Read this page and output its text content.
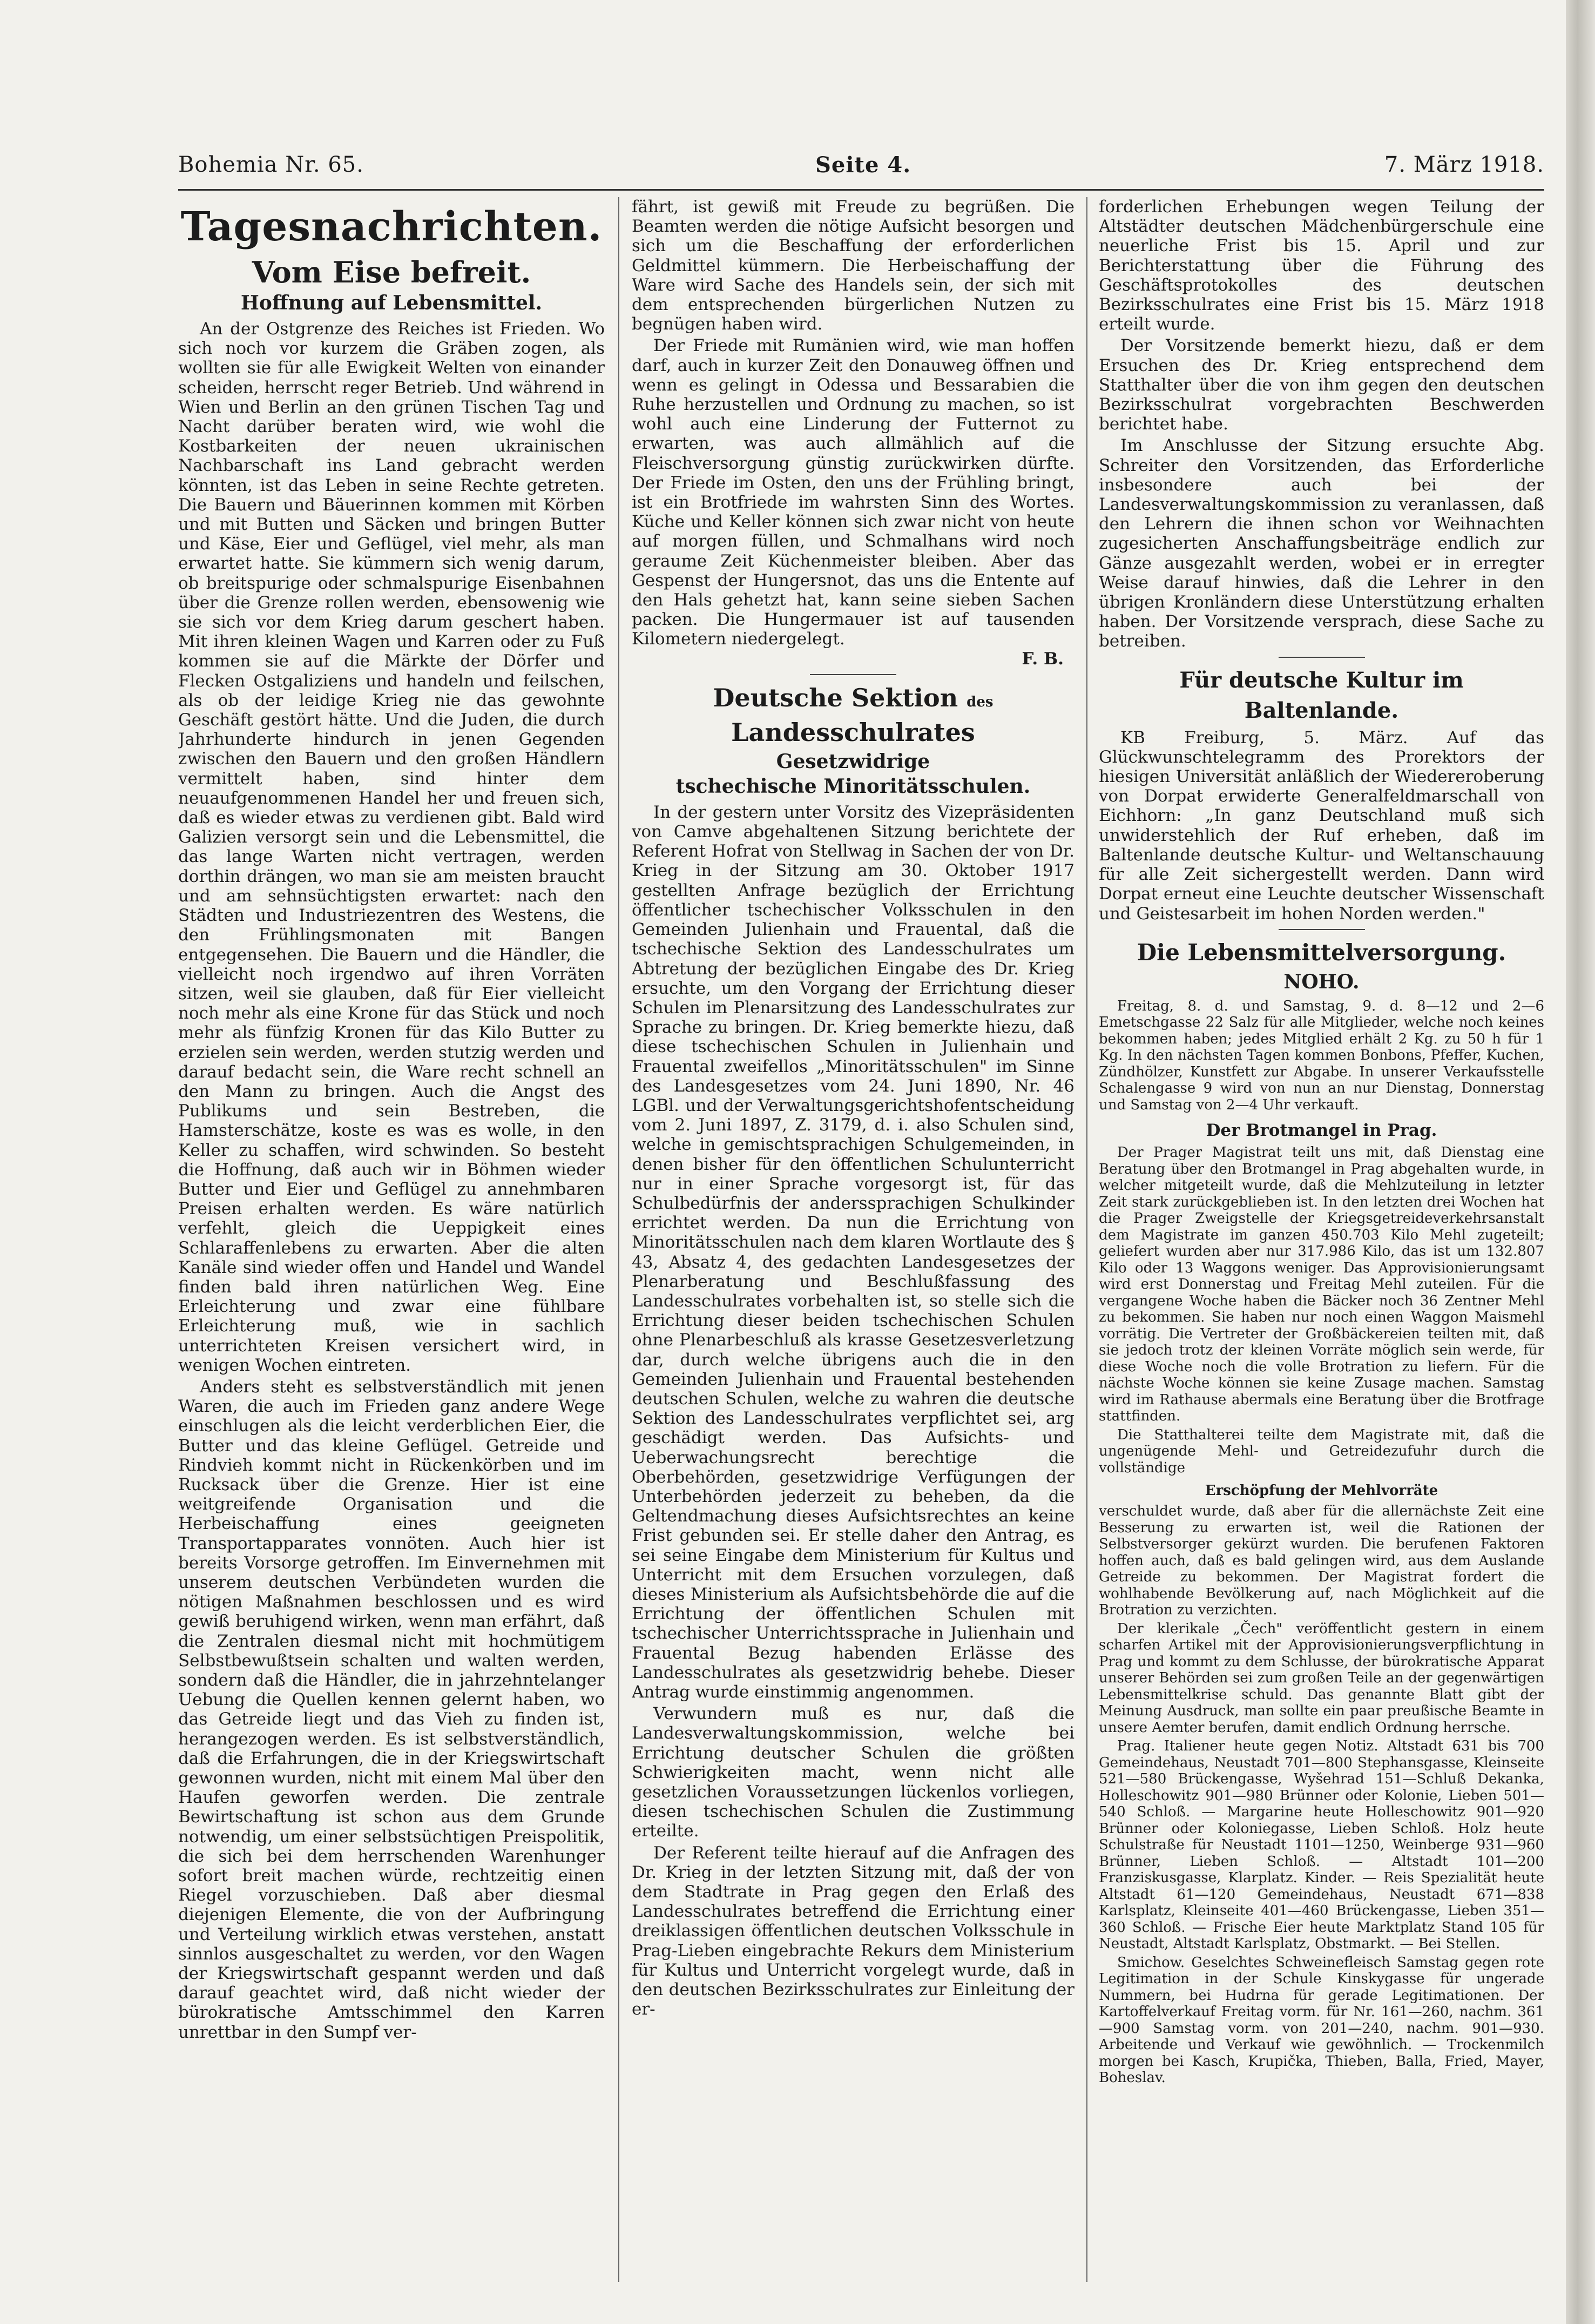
Bohemia Nr. 65.	Seite 4.	7. März 1918.
Tagesnachrichten.
Vom Eise befreit.
Hoffnung auf Lebensmittel.

An der Ostgrenze des Reiches ist Frieden. Wo sich noch vor kurzem die Gräben zogen, als wollten sie für alle Ewigkeit Welten von einander scheiden, herrscht reger Betrieb. Und während in Wien und Berlin an den grünen Tischen Tag und Nacht darüber beraten wird, wie wohl die Kostbarkeiten der neuen ukrainischen Nachbarschaft ins Land gebracht werden könnten, ist das Leben in seine Rechte getreten. Die Bauern und Bäuerinnen kommen mit Körben und mit Butten und Säcken und bringen Butter und Käse, Eier und Geflügel, viel mehr, als man erwartet hatte. Sie kümmern sich wenig darum, ob breitspurige oder schmalspurige Eisenbahnen über die Grenze rollen werden, ebensowenig wie sie sich vor dem Krieg darum geschert haben. Mit ihren kleinen Wagen und Karren oder zu Fuß kommen sie auf die Märkte der Dörfer und Flecken Ostgaliziens und handeln und feilschen, als ob der leidige Krieg nie das gewohnte Geschäft gestört hätte. Und die Juden, die durch Jahrhunderte hindurch in jenen Gegenden zwischen den Bauern und den großen Händlern vermittelt haben, sind hinter dem neuaufgenommenen Handel her und freuen sich, daß es wieder etwas zu verdienen gibt. Bald wird Galizien versorgt sein und die Lebensmittel, die das lange Warten nicht vertragen, werden dorthin drängen, wo man sie am meisten braucht und am sehnsüchtigsten erwartet: nach den Städten und Industriezentren des Westens, die den Frühlingsmonaten mit Bangen entgegensehen. Die Bauern und die Händler, die vielleicht noch irgendwo auf ihren Vorräten sitzen, weil sie glauben, daß für Eier vielleicht noch mehr als eine Krone für das Stück und noch mehr als fünfzig Kronen für das Kilo Butter zu erzielen sein werden, werden stutzig werden und darauf bedacht sein, die Ware recht schnell an den Mann zu bringen. Auch die Angst des Publikums und sein Bestreben, die Hamsterschätze, koste es was es wolle, in den Keller zu schaffen, wird schwinden. So besteht die Hoffnung, daß auch wir in Böhmen wieder Butter und Eier und Geflügel zu annehmbaren Preisen erhalten werden. Es wäre natürlich verfehlt, gleich die Ueppigkeit eines Schlaraffenlebens zu erwarten. Aber die alten Kanäle sind wieder offen und Handel und Wandel finden bald ihren natürlichen Weg. Eine Erleichterung und zwar eine fühlbare Erleichterung muß, wie in sachlich unterrichteten Kreisen versichert wird, in wenigen Wochen eintreten.

Anders steht es selbstverständlich mit jenen Waren, die auch im Frieden ganz andere Wege einschlugen als die leicht verderblichen Eier, die Butter und das kleine Geflügel. Getreide und Rindvieh kommt nicht in Rückenkörben und im Rucksack über die Grenze. Hier ist eine weitgreifende Organisation und die Herbeischaffung eines geeigneten Transportapparates vonnöten. Auch hier ist bereits Vorsorge getroffen. Im Einvernehmen mit unserem deutschen Verbündeten wurden die nötigen Maßnahmen beschlossen und es wird gewiß beruhigend wirken, wenn man erfährt, daß die Zentralen diesmal nicht mit hochmütigem Selbstbewußtsein schalten und walten werden, sondern daß die Händler, die in jahrzehntelanger Uebung die Quellen kennen gelernt haben, wo das Getreide liegt und das Vieh zu finden ist, herangezogen werden. Es ist selbstverständlich, daß die Erfahrungen, die in der Kriegswirtschaft gewonnen wurden, nicht mit einem Mal über den Haufen geworfen werden. Die zentrale Bewirtschaftung ist schon aus dem Grunde notwendig, um einer selbstsüchtigen Preispolitik, die sich bei dem herrschenden Warenhunger sofort breit machen würde, rechtzeitig einen Riegel vorzuschieben. Daß aber diesmal diejenigen Elemente, die von der Aufbringung und Verteilung wirklich etwas verstehen, anstatt sinnlos ausgeschaltet zu werden, vor den Wagen der Kriegswirtschaft gespannt werden und daß darauf geachtet wird, daß nicht wieder der bürokratische Amtsschimmel den Karren unrettbar in den Sumpf ver-

fährt, ist gewiß mit Freude zu begrüßen. Die Beamten werden die nötige Aufsicht besorgen und sich um die Beschaffung der erforderlichen Geldmittel kümmern. Die Herbeischaffung der Ware wird Sache des Handels sein, der sich mit dem entsprechenden bürgerlichen Nutzen zu begnügen haben wird.

Der Friede mit Rumänien wird, wie man hoffen darf, auch in kurzer Zeit den Donauweg öffnen und wenn es gelingt in Odessa und Bessarabien die Ruhe herzustellen und Ordnung zu machen, so ist wohl auch eine Linderung der Futternot zu erwarten, was auch allmählich auf die Fleischversorgung günstig zurückwirken dürfte. Der Friede im Osten, den uns der Frühling bringt, ist ein Brotfriede im wahrsten Sinn des Wortes. Küche und Keller können sich zwar nicht von heute auf morgen füllen, und Schmalhans wird noch geraume Zeit Küchenmeister bleiben. Aber das Gespenst der Hungersnot, das uns die Entente auf den Hals gehetzt hat, kann seine sieben Sachen packen. Die Hungermauer ist auf tausenden Kilometern niedergelegt.

F. B.
Deutsche Sektion des Landesschulrates
Gesetzwidrige
tschechische Minoritätsschulen.

In der gestern unter Vorsitz des Vizepräsidenten von Camve abgehaltenen Sitzung berichtete der Referent Hofrat von Stellwag in Sachen der von Dr. Krieg in der Sitzung am 30. Oktober 1917 gestellten Anfrage bezüglich der Errichtung öffentlicher tschechischer Volksschulen in den Gemeinden Julienhain und Frauental, daß die tschechische Sektion des Landesschulrates um Abtretung der bezüglichen Eingabe des Dr. Krieg ersuchte, um den Vorgang der Errichtung dieser Schulen im Plenarsitzung des Landesschulrates zur Sprache zu bringen. Dr. Krieg bemerkte hiezu, daß diese tschechischen Schulen in Julienhain und Frauental zweifellos „Minoritätsschulen" im Sinne des Landesgesetzes vom 24. Juni 1890, Nr. 46 LGBl. und der Verwaltungsgerichtshofentscheidung vom 2. Juni 1897, Z. 3179, d. i. also Schulen sind, welche in gemischtsprachigen Schulgemeinden, in denen bisher für den öffentlichen Schulunterricht nur in einer Sprache vorgesorgt ist, für das Schulbedürfnis der anderssprachigen Schulkinder errichtet werden. Da nun die Errichtung von Minoritätsschulen nach dem klaren Wortlaute des § 43, Absatz 4, des gedachten Landesgesetzes der Plenarberatung und Beschlußfassung des Landesschulrates vorbehalten ist, so stelle sich die Errichtung dieser beiden tschechischen Schulen ohne Plenarbeschluß als krasse Gesetzesverletzung dar, durch welche übrigens auch die in den Gemeinden Julienhain und Frauental bestehenden deutschen Schulen, welche zu wahren die deutsche Sektion des Landesschulrates verpflichtet sei, arg geschädigt werden. Das Aufsichts- und Ueberwachungsrecht berechtige die Oberbehörden, gesetzwidrige Verfügungen der Unterbehörden jederzeit zu beheben, da die Geltendmachung dieses Aufsichtsrechtes an keine Frist gebunden sei. Er stelle daher den Antrag, es sei seine Eingabe dem Ministerium für Kultus und Unterricht mit dem Ersuchen vorzulegen, daß dieses Ministerium als Aufsichtsbehörde die auf die Errichtung der öffentlichen Schulen mit tschechischer Unterrichtssprache in Julienhain und Frauental Bezug habenden Erlässe des Landesschulrates als gesetzwidrig behebe. Dieser Antrag wurde einstimmig angenommen.

Verwundern muß es nur, daß die Landesverwaltungskommission, welche bei Errichtung deutscher Schulen die größten Schwierigkeiten macht, wenn nicht alle gesetzlichen Voraussetzungen lückenlos vorliegen, diesen tschechischen Schulen die Zustimmung erteilte.

Der Referent teilte hierauf auf die Anfragen des Dr. Krieg in der letzten Sitzung mit, daß der von dem Stadtrate in Prag gegen den Erlaß des Landesschulrates betreffend die Errichtung einer dreiklassigen öffentlichen deutschen Volksschule in Prag-Lieben eingebrachte Rekurs dem Ministerium für Kultus und Unterricht vorgelegt wurde, daß in den deutschen Bezirksschulrates zur Einleitung der er-

forderlichen Erhebungen wegen Teilung der Altstädter deutschen Mädchenbürgerschule eine neuerliche Frist bis 15. April und zur Berichterstattung über die Führung des Geschäftsprotokolles des deutschen Bezirksschulrates eine Frist bis 15. März 1918 erteilt wurde.

Der Vorsitzende bemerkt hiezu, daß er dem Ersuchen des Dr. Krieg entsprechend dem Statthalter über die von ihm gegen den deutschen Bezirksschulrat vorgebrachten Beschwerden berichtet habe.

Im Anschlusse der Sitzung ersuchte Abg. Schreiter den Vorsitzenden, das Erforderliche insbesondere auch bei der Landesverwaltungskommission zu veranlassen, daß den Lehrern die ihnen schon vor Weihnachten zugesicherten Anschaffungsbeiträge endlich zur Gänze ausgezahlt werden, wobei er in erregter Weise darauf hinwies, daß die Lehrer in den übrigen Kronländern diese Unterstützung erhalten haben. Der Vorsitzende versprach, diese Sache zu betreiben.

Für deutsche Kultur im Baltenlande.

KB Freiburg, 5. März. Auf das Glückwunschtelegramm des Prorektors der hiesigen Universität anläßlich der Wiedereroberung von Dorpat erwiderte Generalfeldmarschall von Eichhorn: „In ganz Deutschland muß sich unwiderstehlich der Ruf erheben, daß im Baltenlande deutsche Kultur- und Weltanschauung für alle Zeit sichergestellt werden. Dann wird Dorpat erneut eine Leuchte deutscher Wissenschaft und Geistesarbeit im hohen Norden werden."

Die Lebensmittelversorgung.
NOHO.

Freitag, 8. d. und Samstag, 9. d. 8—12 und 2—6 Emetschgasse 22 Salz für alle Mitglieder, welche noch keines bekommen haben; jedes Mitglied erhält 2 Kg. zu 50 h für 1 Kg. In den nächsten Tagen kommen Bonbons, Pfeffer, Kuchen, Zündhölzer, Kunstfett zur Abgabe. In unserer Verkaufsstelle Schalengasse 9 wird von nun an nur Dienstag, Donnerstag und Samstag von 2—4 Uhr verkauft.

Der Brotmangel in Prag.

Der Prager Magistrat teilt uns mit, daß Dienstag eine Beratung über den Brotmangel in Prag abgehalten wurde, in welcher mitgeteilt wurde, daß die Mehlzuteilung in letzter Zeit stark zurückgeblieben ist. In den letzten drei Wochen hat die Prager Zweigstelle der Kriegsgetreideverkehrsanstalt dem Magistrate im ganzen 450.703 Kilo Mehl zugeteilt; geliefert wurden aber nur 317.986 Kilo, das ist um 132.807 Kilo oder 13 Waggons weniger. Das Approvisionierungsamt wird erst Donnerstag und Freitag Mehl zuteilen. Für die vergangene Woche haben die Bäcker noch 36 Zentner Mehl zu bekommen. Sie haben nur noch einen Waggon Maismehl vorrätig. Die Vertreter der Großbäckereien teilten mit, daß sie jedoch trotz der kleinen Vorräte möglich sein werde, für diese Woche noch die volle Brotration zu liefern. Für die nächste Woche können sie keine Zusage machen. Samstag wird im Rathause abermals eine Beratung über die Brotfrage stattfinden.

Die Statthalterei teilte dem Magistrate mit, daß die ungenügende Mehl- und Getreidezufuhr durch die vollständige

Erschöpfung der Mehlvorräte

verschuldet wurde, daß aber für die allernächste Zeit eine Besserung zu erwarten ist, weil die Rationen der Selbstversorger gekürzt wurden. Die berufenen Faktoren hoffen auch, daß es bald gelingen wird, aus dem Auslande Getreide zu bekommen. Der Magistrat fordert die wohlhabende Bevölkerung auf, nach Möglichkeit auf die Brotration zu verzichten.

Der klerikale „Čech" veröffentlicht gestern in einem scharfen Artikel mit der Approvisionierungsverpflichtung in Prag und kommt zu dem Schlusse, der bürokratische Apparat unserer Behörden sei zum großen Teile an der gegenwärtigen Lebensmittelkrise schuld. Das genannte Blatt gibt der Meinung Ausdruck, man sollte ein paar preußische Beamte in unsere Aemter berufen, damit endlich Ordnung herrsche.

Prag. Italiener heute gegen Notiz. Altstadt 631 bis 700 Gemeindehaus, Neustadt 701—800 Stephansgasse, Kleinseite 521—580 Brückengasse, Wyšehrad 151—Schluß Dekanka, Holleschowitz 901—980 Brünner oder Kolonie, Lieben 501—540 Schloß. — Margarine heute Holleschowitz 901—920 Brünner oder Koloniegasse, Lieben Schloß. Holz heute Schulstraße für Neustadt 1101—1250, Weinberge 931—960 Brünner, Lieben Schloß. — Altstadt 101—200 Franziskusgasse, Klarplatz. Kinder. — Reis Spezialität heute Altstadt 61—120 Gemeindehaus, Neustadt 671—838 Karlsplatz, Kleinseite 401—460 Brückengasse, Lieben 351—360 Schloß. — Frische Eier heute Marktplatz Stand 105 für Neustadt, Altstadt Karlsplatz, Obstmarkt. — Bei Stellen.

Smichow. Geselchtes Schweinefleisch Samstag gegen rote Legitimation in der Schule Kinskygasse für ungerade Nummern, bei Hudrna für gerade Legitimationen. Der Kartoffelverkauf Freitag vorm. für Nr. 161—260, nachm. 361—900 Samstag vorm. von 201—240, nachm. 901—930. Arbeitende und Verkauf wie gewöhnlich. — Trockenmilch morgen bei Kasch, Krupička, Thieben, Balla, Fried, Mayer, Boheslav.
